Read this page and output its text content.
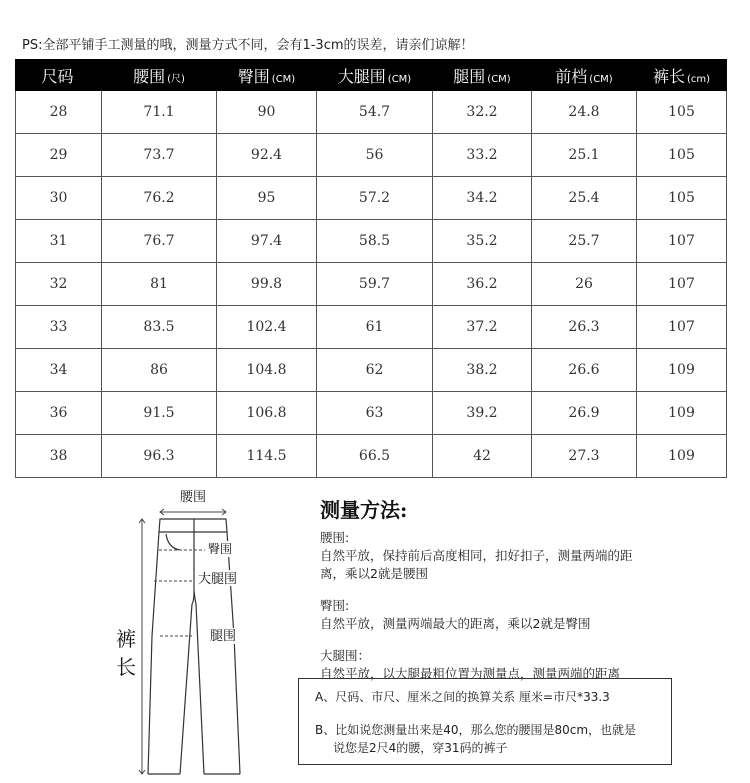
PS:全部平铺手工测量的哦，测量方式不同，会有1-3cm的误差，请亲们谅解！
尺码	腰围 (尺)	臀围 (CM)	大腿围 (CM)	腿围 (CM)	前档 (CM)	裤长 (cm)
28	71.1	90	54.7	32.2	24.8	105
29	73.7	92.4	56	33.2	25.1	105
30	76.2	95	57.2	34.2	25.4	105
31	76.7	97.4	58.5	35.2	25.7	107
32	81	99.8	59.7	36.2	26	107
33	83.5	102.4	61	37.2	26.3	107
34	86	104.8	62	38.2	26.6	109
36	91.5	106.8	63	39.2	26.9	109
38	96.3	114.5	66.5	42	27.3	109
腰围
臀围
大腿围
腿围
裤
长
测量方法:
腰围:
自然平放，保持前后高度相同，扣好扣子，测量两端的距离，乘以2就是腰围
臀围:
自然平放，测量两端最大的距离，乘以2就是臀围
大腿围：
自然平放，以大腿最粗位置为测量点，测量两端的距离
A、尺码、市尺、厘米之间的换算关系 厘米=市尺*33.3
B、比如说您测量出来是40，那么您的腰围是80cm，也就是
说您是2尺4的腰，穿31码的裤子
